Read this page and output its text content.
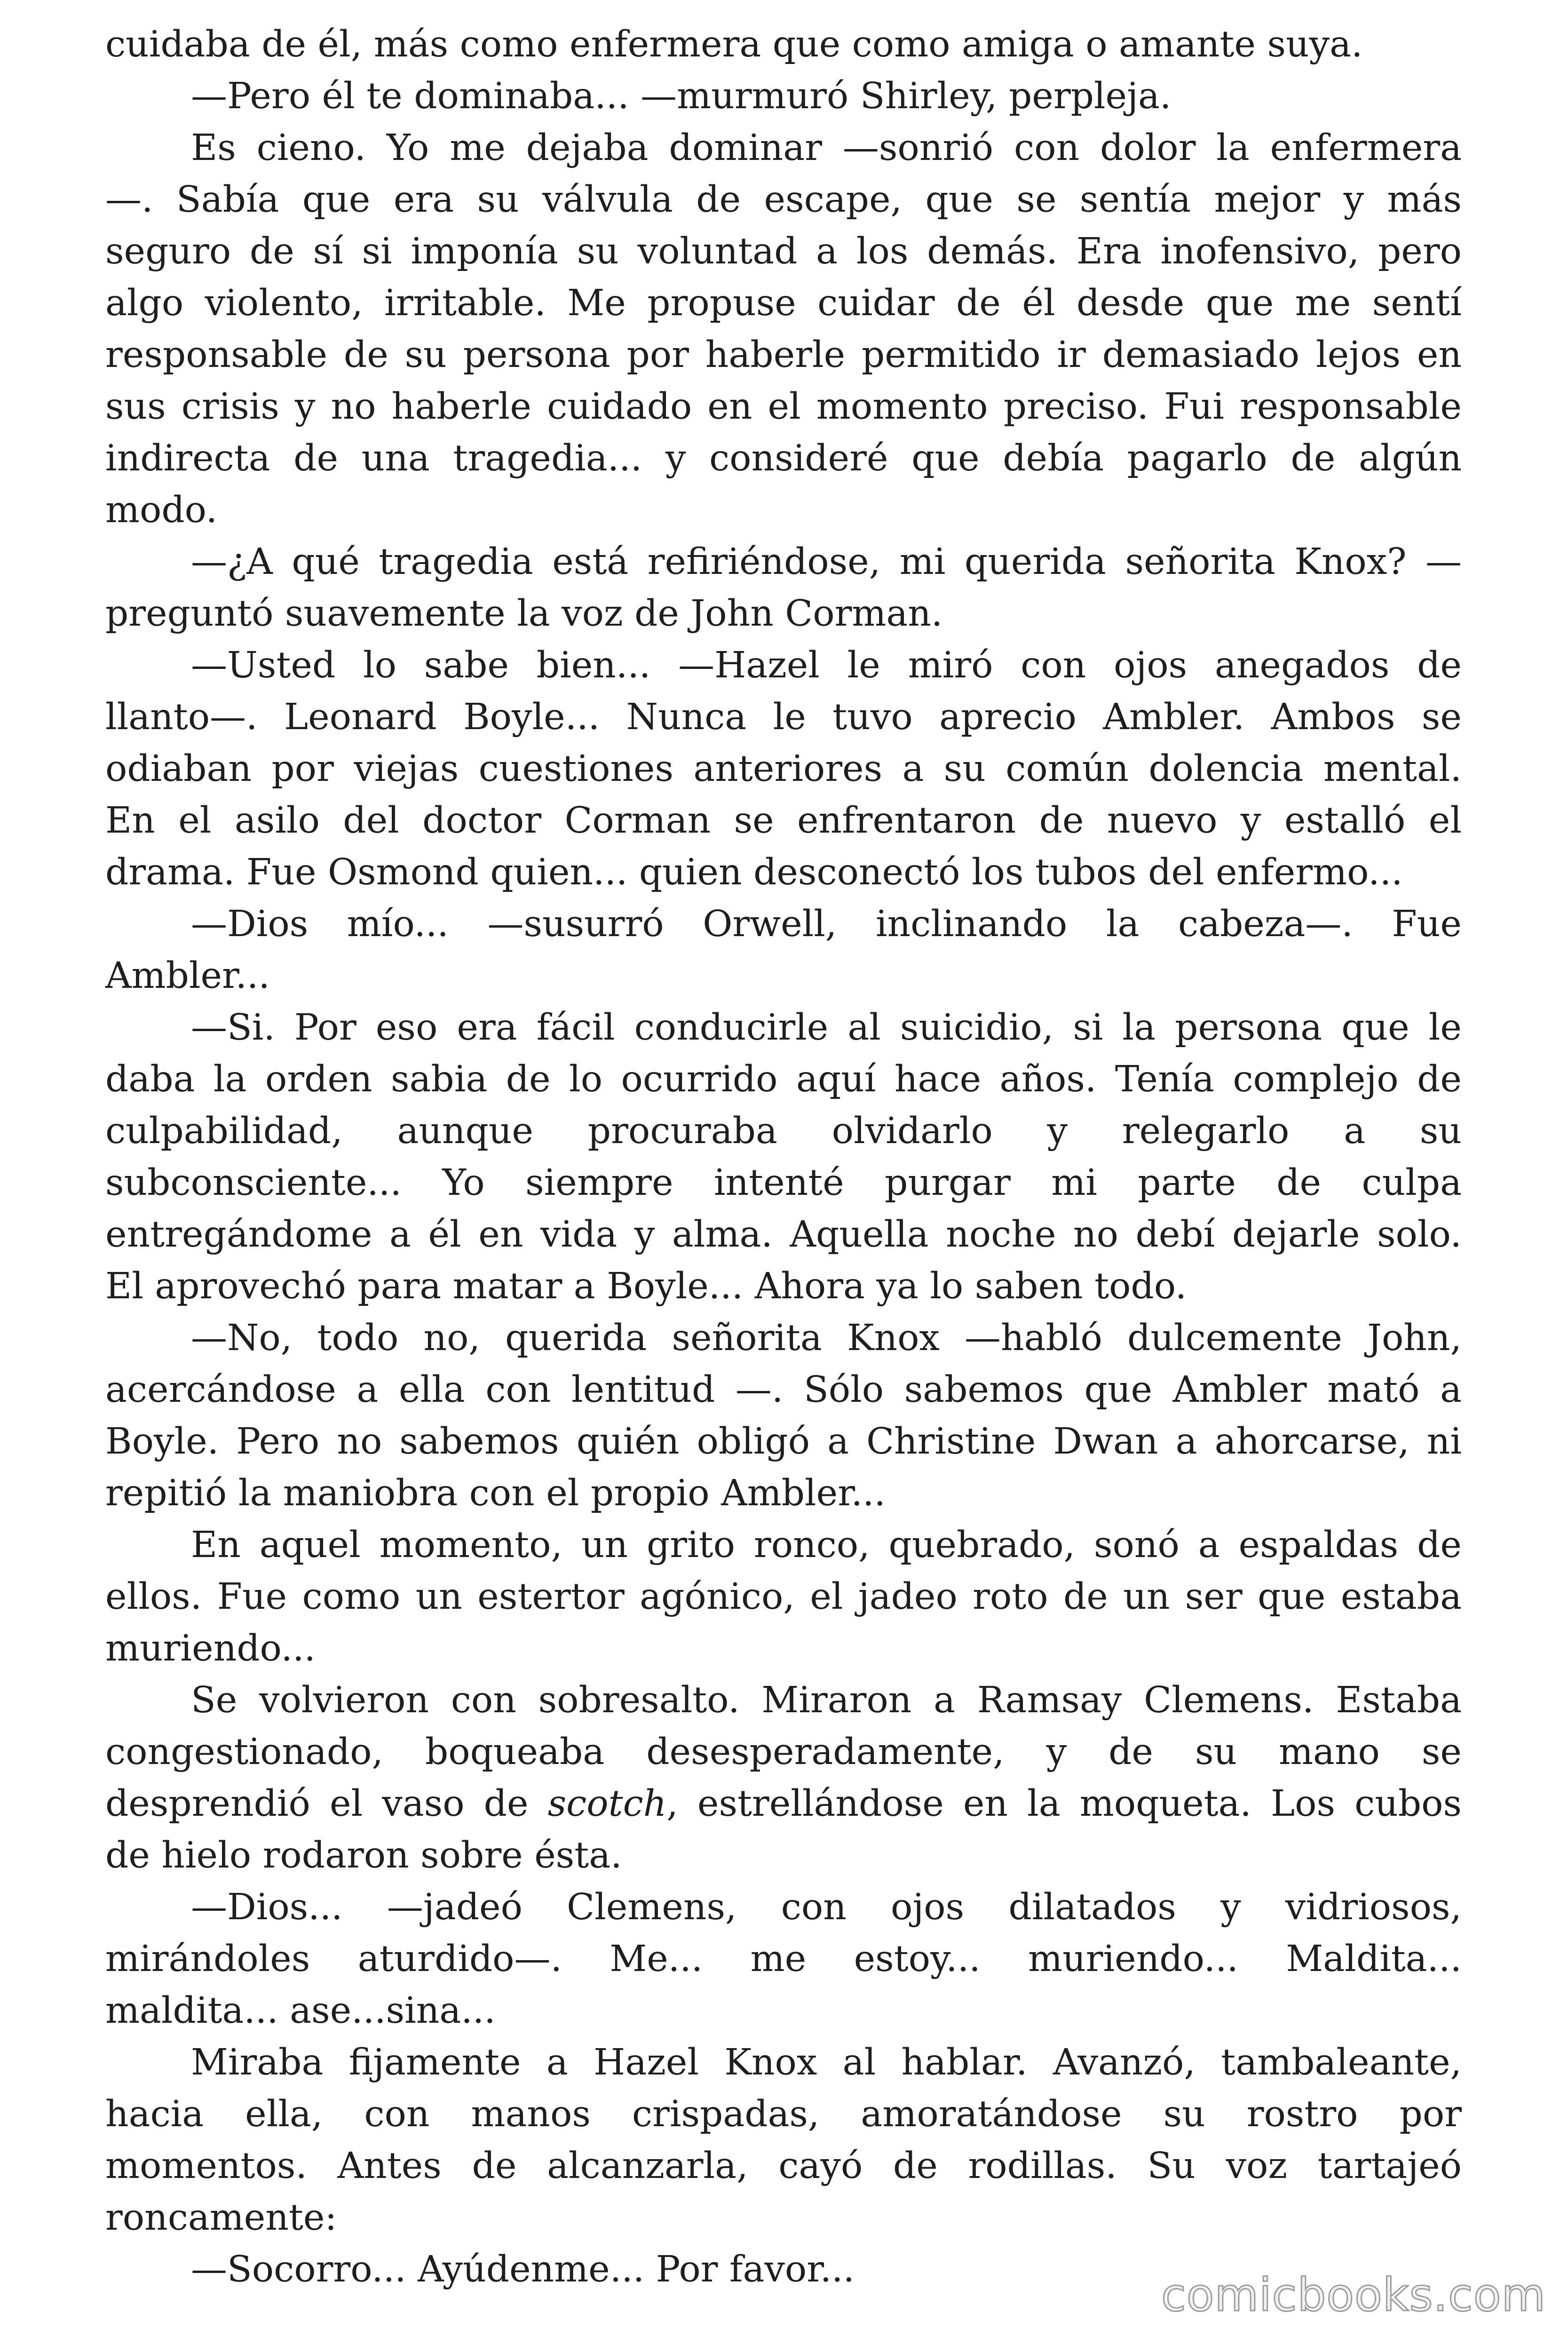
cuidaba de él, más como enfermera que como amiga o amante suya.
—Pero él te dominaba... —murmuró Shirley, perpleja.
Es cieno. Yo me dejaba dominar —sonrió con dolor la enfermera
—. Sabía que era su válvula de escape, que se sentía mejor y más
seguro de sí si imponía su voluntad a los demás. Era inofensivo, pero
algo violento, irritable. Me propuse cuidar de él desde que me sentí
responsable de su persona por haberle permitido ir demasiado lejos en
sus crisis y no haberle cuidado en el momento preciso. Fui responsable
indirecta de una tragedia... y consideré que debía pagarlo de algún
modo.
—¿A qué tragedia está refiriéndose, mi querida señorita Knox? —
preguntó suavemente la voz de John Corman.
—Usted lo sabe bien... —Hazel le miró con ojos anegados de
llanto—. Leonard Boyle... Nunca le tuvo aprecio Ambler. Ambos se
odiaban por viejas cuestiones anteriores a su común dolencia mental.
En el asilo del doctor Corman se enfrentaron de nuevo y estalló el
drama. Fue Osmond quien... quien desconectó los tubos del enfermo...
—Dios mío... —susurró Orwell, inclinando la cabeza—. Fue
Ambler...
—Si. Por eso era fácil conducirle al suicidio, si la persona que le
daba la orden sabia de lo ocurrido aquí hace años. Tenía complejo de
culpabilidad, aunque procuraba olvidarlo y relegarlo a su
subconsciente... Yo siempre intenté purgar mi parte de culpa
entregándome a él en vida y alma. Aquella noche no debí dejarle solo.
El aprovechó para matar a Boyle... Ahora ya lo saben todo.
—No, todo no, querida señorita Knox —habló dulcemente John,
acercándose a ella con lentitud —. Sólo sabemos que Ambler mató a
Boyle. Pero no sabemos quién obligó a Christine Dwan a ahorcarse, ni
repitió la maniobra con el propio Ambler...
En aquel momento, un grito ronco, quebrado, sonó a espaldas de
ellos. Fue como un estertor agónico, el jadeo roto de un ser que estaba
muriendo...
Se volvieron con sobresalto. Miraron a Ramsay Clemens. Estaba
congestionado, boqueaba desesperadamente, y de su mano se
desprendió el vaso de scotch, estrellándose en la moqueta. Los cubos
de hielo rodaron sobre ésta.
—Dios... —jadeó Clemens, con ojos dilatados y vidriosos,
mirándoles aturdido—. Me... me estoy... muriendo... Maldita...
maldita... ase...sina...
Miraba fijamente a Hazel Knox al hablar. Avanzó, tambaleante,
hacia ella, con manos crispadas, amoratándose su rostro por
momentos. Antes de alcanzarla, cayó de rodillas. Su voz tartajeó
roncamente:
—Socorro... Ayúdenme... Por favor...	comicbooks.com
